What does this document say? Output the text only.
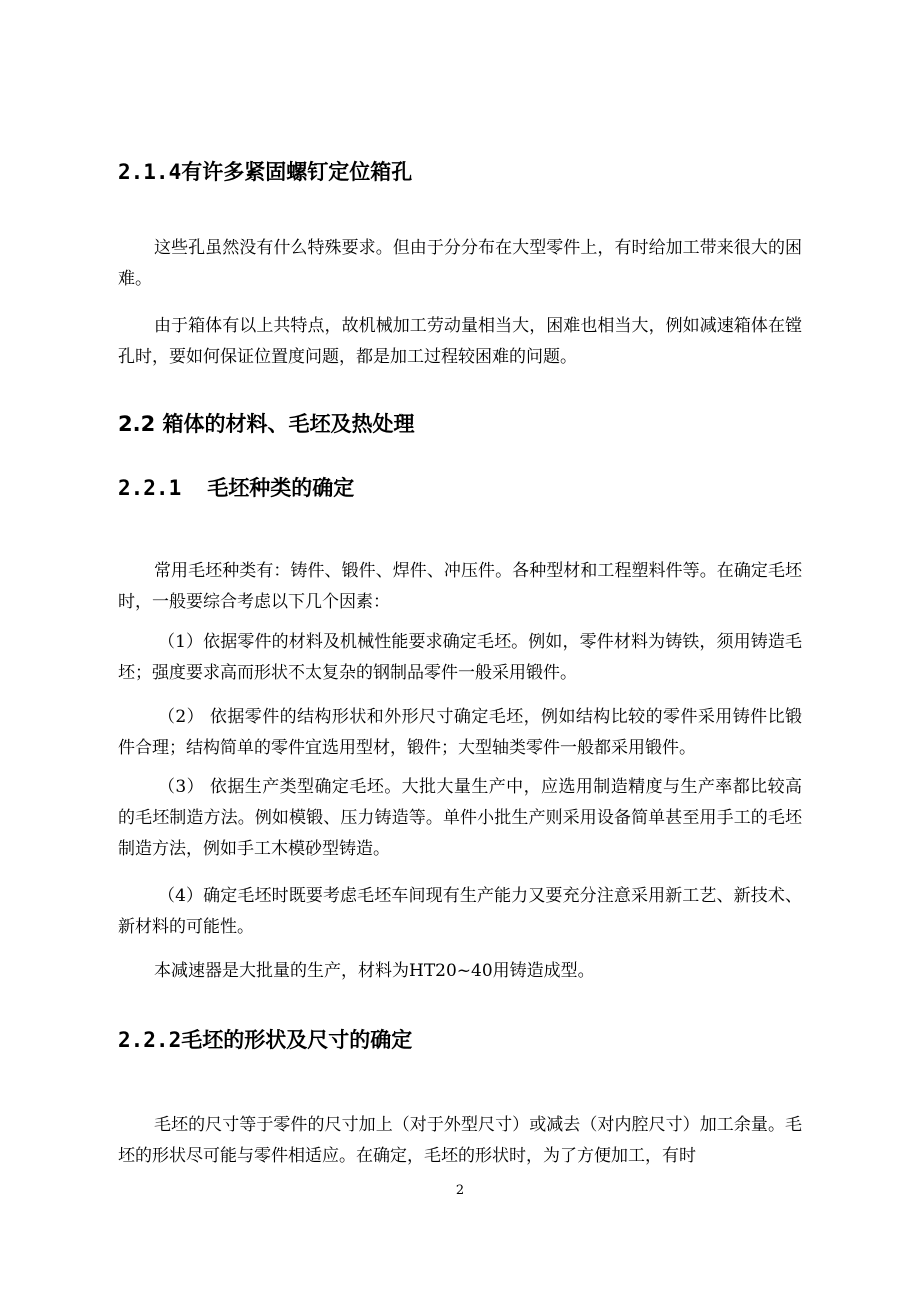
2.1.4有许多紧固螺钉定位箱孔

这些孔虽然没有什么特殊要求。但由于分分布在大型零件上，有时给加工带来很大的困难。

由于箱体有以上共特点，故机械加工劳动量相当大，困难也相当大，例如减速箱体在镗孔时，要如何保证位置度问题，都是加工过程较困难的问题。

2.2 箱体的材料、毛坯及热处理
2.2.1 毛坯种类的确定

常用毛坯种类有：铸件、锻件、焊件、冲压件。各种型材和工程塑料件等。在确定毛坯时，一般要综合考虑以下几个因素：

（1）依据零件的材料及机械性能要求确定毛坯。例如，零件材料为铸铁，须用铸造毛坯；强度要求高而形状不太复杂的钢制品零件一般采用锻件。

（2） 依据零件的结构形状和外形尺寸确定毛坯，例如结构比较的零件采用铸件比锻件合理；结构简单的零件宜选用型材，锻件；大型轴类零件一般都采用锻件。

（3） 依据生产类型确定毛坯。大批大量生产中，应选用制造精度与生产率都比较高的毛坯制造方法。例如模锻、压力铸造等。单件小批生产则采用设备简单甚至用手工的毛坯制造方法，例如手工木模砂型铸造。

（4）确定毛坯时既要考虑毛坯车间现有生产能力又要充分注意采用新工艺、新技术、新材料的可能性。

本减速器是大批量的生产，材料为HT20~40用铸造成型。

2.2.2毛坯的形状及尺寸的确定

毛坯的尺寸等于零件的尺寸加上（对于外型尺寸）或减去（对内腔尺寸）加工余量。毛坯的形状尽可能与零件相适应。在确定，毛坯的形状时，为了方便加工，有时

2
